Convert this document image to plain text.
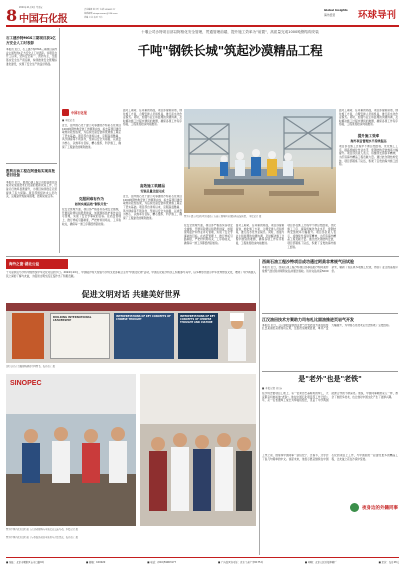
8 中国石化报
2024年11月1日 星期五
责任编辑 陈小叶 电话 59963177
投稿邮箱 sinopecnews@126.com
美编 李涛 校对 王伟
Global Insights
海外经营 环球导刊
石工建沙特MGS三期项目获1亿方安全人工时表彰
本报讯 近日，石工建沙特MGS三期项目获得业主颁发的1亿方安全人工时表彰。该项目自开工以来，坚持安全第一、预防为主，全面落实安全生产责任制，持续推进安全管理标准化建设，实现了安全生产的良好局面。
胜利石油工程在阿曼钻实现首批老旧设备
本报讯 近日，胜利石油工程公司阿曼项目部成功完成首批老旧设备的更新改造工作，设备运行效率显著提升，为项目持续稳定运营提供了有力保障。项目部组织技术人员攻关，克服备件短缺等困难，按期完成任务。
十堰公司沙特项目部以阿格化安全管理，贯通管理前端，提升施工效率为"前置"，高质量完成1000吨钢结构安装
千吨"钢铁长城"筑起沙漠精品工程
中国石化报
■ 本报记者
近日，由中国石化十建公司承建的沙特某石化项目1000吨钢结构安装工作顺利完成，标志着项目建设取得阶段性成果，为后续设备安装和管道施工奠定了坚实基础。项目部自进场以来，克服高温酷暑、风沙肆虐等不利条件，坚持以安全为前提、以质量为核心、以效率为目标，精心组织、科学施工，确保了工程建设的顺利推进。
克服困难有作为
如何实现高效"钢铁开发"
在安全管理方面，项目部严格落实各项安全措施，开展风险辨识和隐患排查，加强现场监护和作业许可管理，实现了安全零事故的目标。在质量管理上，推行样板引路制度，严把材料进场关、工序验收关，确保每一道工序都经得起检验。
面对工期紧、任务重的局面，项目部提前谋划，细化施工方案，合理安排人员和机具，推行流水化作业模式。同时，加强与业主和监理的沟通协调，及时解决施工过程中遇到的难题，确保各项工作有序衔接，工程进度稳步向前推进。
高效施工筑精品
安装总量全面完成
近日，由中国石化十建公司承建的沙特某石化项目1000吨钢结构安装工作顺利完成，标志着项目建设取得阶段性成果，为后续设备安装和管道施工奠定了坚实基础。项目部自进场以来，克服高温酷暑、风沙肆虐等不利条件，坚持以安全为前提、以质量为核心、以效率为目标，精心组织、科学施工，确保了工程建设的顺利推进。
图为十建公司沙特项目部员工在施工现场检查钢结构安装质量。 本报记者 摄
在安全管理方面，项目部严格落实各项安全措施，开展风险辨识和隐患排查，加强现场监护和作业许可管理，实现了安全零事故的目标。在质量管理上，推行样板引路制度，严把材料进场关、工序验收关，确保每一道工序都经得起检验。
面对工期紧、任务重的局面，项目部提前谋划，细化施工方案，合理安排人员和机具，推行流水化作业模式。同时，加强与业主和监理的沟通协调，及时解决施工过程中遇到的难题，确保各项工作有序衔接，工程进度稳步向前推进。
项目部在施工过程中不断总结经验，优化施工工序，提高机械化作业水平，使钢结构安装效率大幅提升。项目部负责人表示，将继续发扬铁军精神，为打造海外精品工程贡献力量。通过此次钢结构安装，项目部锻炼了队伍，积累了宝贵的海外施工经验。
面对工期紧、任务重的局面，项目部提前谋划，细化施工方案，合理安排人员和机具，推行流水化作业模式。同时，加强与业主和监理的沟通协调，及时解决施工过程中遇到的难题，确保各项工作有序衔接，工程进度稳步向前推进。
提升施工效率
海外项目管理水平持续提高
项目部在施工过程中不断总结经验，优化施工工序，提高机械化作业水平，使钢结构安装效率大幅提升。项目部负责人表示，将继续发扬铁军精神，为打造海外精品工程贡献力量。通过此次钢结构安装，项目部锻炼了队伍，积累了宝贵的海外施工经验。
海外之窗·湖北公益
十月是我们与沙特中国传统中华文化对话的节日。2024年10月，中国驻沙特大使馆与沙特文化部联合主办"中国文化周"活动，中国石化驻沙特员工积极参与其中，以多种形式展示中华优秀传统文化，增进了中沙两国人民之间的了解与友谊，为促进文明交流互鉴作出了积极贡献。
促进文明对话 共建美好世界
BUILDING INTERNATIONAL LEADERSHIP
INTERPRETATIONS OF KEY CONCEPTS OF CHINESE THOUGHT
INTERPRETATIONS OF KEY CONCEPTS OF CHINESE THOUGHT AND CULTURE
沙特读者在书展现场翻阅中国图书。海外员工 摄
SINOPEC
图为中国石化驻沙特员工在活动现场与当地民众交流互动。本报记者 摄
图为中国石化驻沙特员工与参加活动的当地青年合影留念。海外员工 摄
西南石油工程沙特项目成功通过阿美非常规气田试验
本报讯 近日，西南石油工程沙特项目部承钻的沙特阿美非常规气田试验井顺利完钻并通过验收。该井完钻井深5000余米，刷新了该区块多项施工纪录，得到了业主的高度评价。
江汉油田技术方案助力司布札比固油推进页岩气开发
本报讯 近日，江汉油田提供的页岩气开发技术方案在阿布扎比某油田获得成功应用，压裂改造效果显著，单井产量大幅提升，为中国石化技术走出去积累了宝贵经验。
是"老外"也是"老铁"
■ 本报记者 刘 涛
在沙特吉赞项目工地上，有一位来自巴基斯坦的焊工，大家都亲切地叫他"老铁"。他在中国石化项目部工作已经八年，从一名普通焊工成长为焊接班组长，见证了中沙两国能源合作的不断深化。他说，中国同事就像家人一样，教会了他很多技术，也让他对中国文化产生了浓厚兴趣。
工作之余，他常和中国同事一起包饺子、过春节，还学会了说几句简单的中文。谈起未来，他表示愿意继续在中国石化的项目上工作，与中国朋友一起建设更多的精品工程，让友谊之花在沙漠中绽放。
夜身边的外籍同事
■ 地址：北京市朝阳区吉市口路9号	■ 邮编：100020	■ 电话：(010)59963177	■ 广告经营许可证：京东工商广字0175号	■ 印刷：北京人民日报印刷厂	■ 定价：每月28元
